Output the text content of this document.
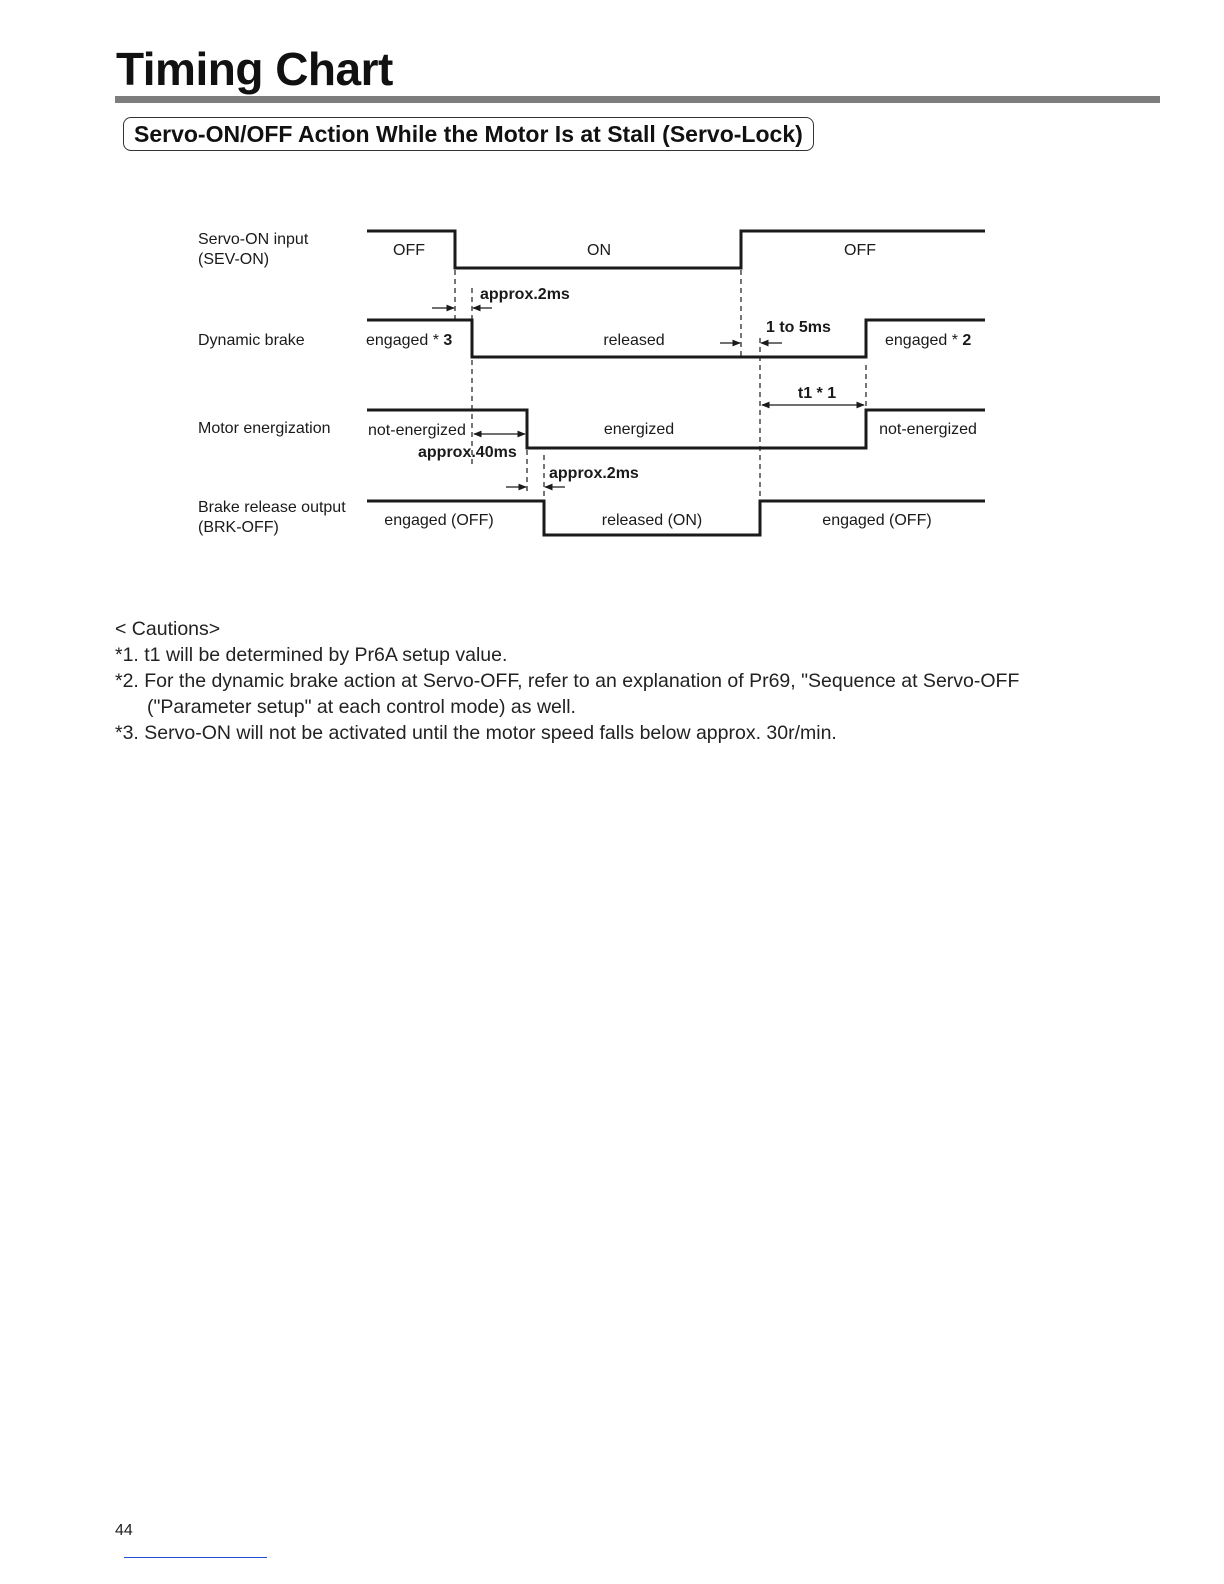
Timing Chart
Servo-ON/OFF Action While the Motor Is at Stall (Servo-Lock)
Servo-ON input
(SEV-ON)
Dynamic brake
Motor energization
Brake release output
(BRK-OFF)
OFF	ON	OFF
engaged * 3	released	engaged * 2
not-energized	energized	not-energized
engaged (OFF)	released (ON)	engaged (OFF)
approx.2ms
1 to 5ms
t1 * 1
approx.40ms
approx.2ms
< Cautions>
*1. t1 will be determined by Pr6A setup value.
*2. For the dynamic brake action at Servo-OFF, refer to an explanation of Pr69, "Sequence at Servo-OFF
("Parameter setup" at each control mode) as well.
*3. Servo-ON will not be activated until the motor speed falls below approx. 30r/min.
44
